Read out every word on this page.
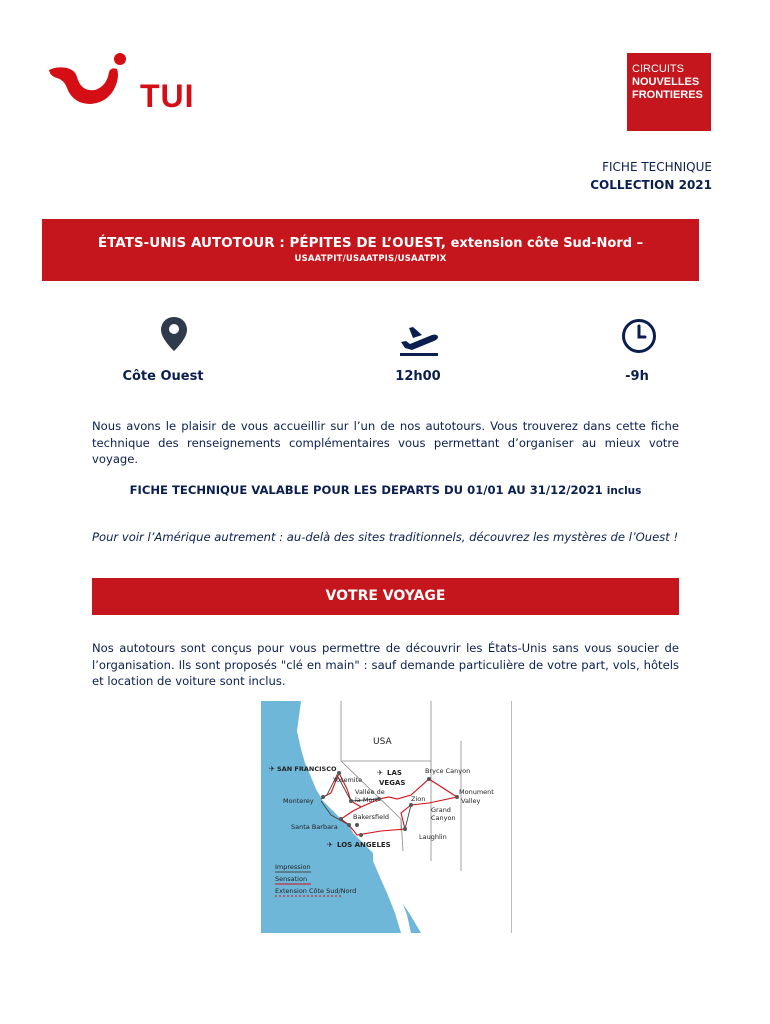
TUI
CIRCUITS
NOUVELLES
FRONTIERES
FICHE TECHNIQUE
COLLECTION 2021
ÉTATS-UNIS AUTOTOUR : PÉPITES DE L’OUEST, extension côte Sud-Nord –
USAATPIT/USAATPIS/USAATPIX
Côte Ouest	12h00	-9h
Nous avons le plaisir de vous accueillir sur l’un de nos autotours. Vous trouverez dans cette fiche technique des renseignements complémentaires vous permettant d’organiser au mieux votre voyage.
FICHE TECHNIQUE VALABLE POUR LES DEPARTS DU 01/01 AU 31/12/2021 inclus
Pour voir l’Amérique autrement : au-delà des sites traditionnels, découvrez les mystères de l’Ouest !
VOTRE VOYAGE
Nos autotours sont conçus pour vous permettre de découvrir les États-Unis sans vous soucier de l’organisation. Ils sont proposés "clé en main" : sauf demande particulière de votre part, vols, hôtels et location de voiture sont inclus.
USA
SAN FRANCISCO
Yosemite
LAS
VEGAS
Bryce Canyon
Monterey
Vallée de
la Mort	Zion
Monument
Valley
Bakersfield
Grand
Canyon
Santa Barbara
Laughlin
LOS ANGELES
✈	✈
✈
Impression
Sensation
Extension Côte Sud/Nord
